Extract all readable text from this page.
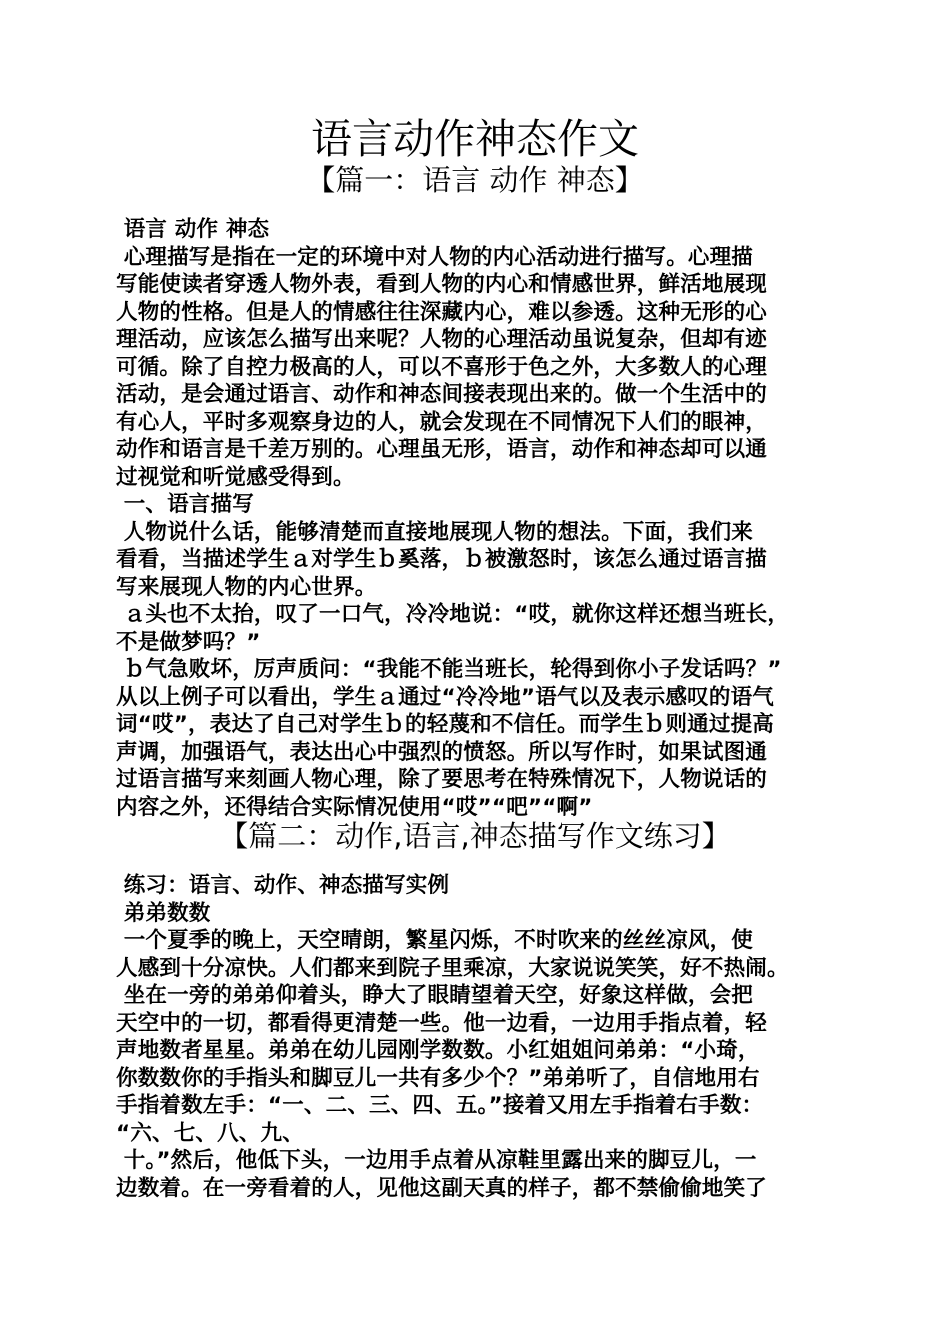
语言动作神态作文
【篇一：语言 动作 神态】

语言 动作 神态

心理描写是指在一定的环境中对人物的内心活动进行描写。心理描

写能使读者穿透人物外表，看到人物的内心和情感世界，鲜活地展现

人物的性格。但是人的情感往往深藏内心，难以参透。这种无形的心

理活动，应该怎么描写出来呢？人物的心理活动虽说复杂，但却有迹

可循。除了自控力极高的人，可以不喜形于色之外，大多数人的心理

活动，是会通过语言、动作和神态间接表现出来的。做一个生活中的

有心人，平时多观察身边的人，就会发现在不同情况下人们的眼神，

动作和语言是千差万别的。心理虽无形，语言，动作和神态却可以通

过视觉和听觉感受得到。

一、语言描写

人物说什么话，能够清楚而直接地展现人物的想法。下面，我们来

看看，当描述学生ａ对学生ｂ奚落，ｂ被激怒时，该怎么通过语言描

写来展现人物的内心世界。

ａ头也不太抬，叹了一口气，冷冷地说：“哎，就你这样还想当班长，

不是做梦吗？”

ｂ气急败坏，厉声质问：“我能不能当班长，轮得到你小子发话吗？”

从以上例子可以看出，学生ａ通过“冷冷地”语气以及表示感叹的语气

词“哎”，表达了自己对学生ｂ的轻蔑和不信任。而学生ｂ则通过提高

声调，加强语气，表达出心中强烈的愤怒。所以写作时，如果试图通

过语言描写来刻画人物心理，除了要思考在特殊情况下，人物说话的

内容之外，还得结合实际情况使用“哎”“吧”“啊”

【篇二：动作,语言,神态描写作文练习】

练习：语言、动作、神态描写实例

弟弟数数

一个夏季的晚上，天空晴朗，繁星闪烁，不时吹来的丝丝凉风，使

人感到十分凉快。人们都来到院子里乘凉，大家说说笑笑，好不热闹。

坐在一旁的弟弟仰着头，睁大了眼睛望着天空，好象这样做，会把

天空中的一切，都看得更清楚一些。他一边看，一边用手指点着，轻

声地数者星星。弟弟在幼儿园刚学数数。小红姐姐问弟弟：“小琦，

你数数你的手指头和脚豆儿一共有多少个？”弟弟听了，自信地用右

手指着数左手：“一、二、三、四、五。”接着又用左手指着右手数：

“六、七、八、九、

十。”然后，他低下头，一边用手点着从凉鞋里露出来的脚豆儿，一

边数着。在一旁看着的人，见他这副天真的样子，都不禁偷偷地笑了
